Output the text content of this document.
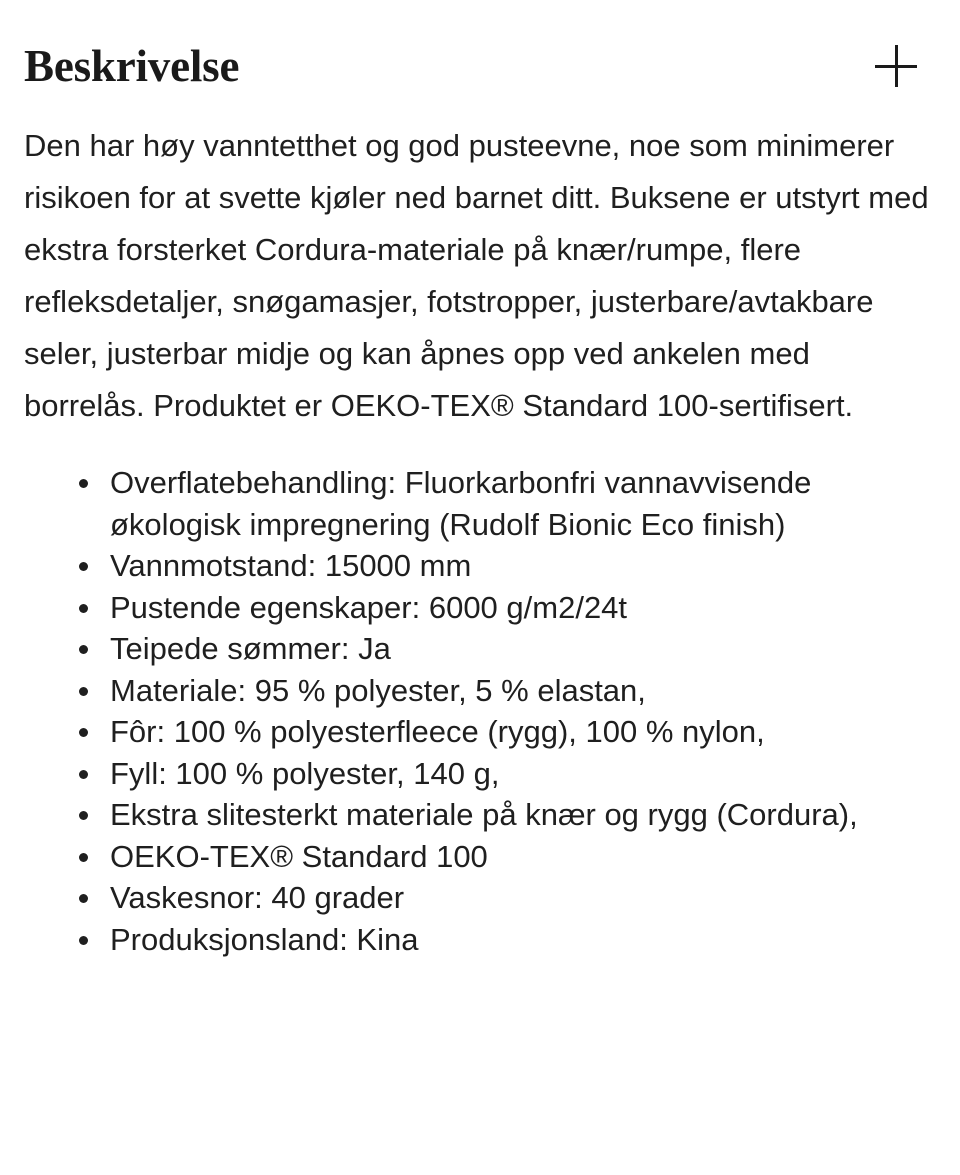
Beskrivelse

Den har høy vanntetthet og god pusteevne, noe som minimerer risikoen for at svette kjøler ned barnet ditt. Buksene er utstyrt med ekstra forsterket Cordura-materiale på knær/rumpe, flere refleksdetaljer, snøgamasjer, fotstropper, justerbare/avtakbare seler, justerbar midje og kan åpnes opp ved ankelen med borrelås. Produktet er OEKO-TEX® Standard 100-sertifisert.

Overflatebehandling: Fluorkarbonfri vannavvisende økologisk impregnering (Rudolf Bionic Eco finish)
Vannmotstand: 15000 mm
Pustende egenskaper: 6000 g/m2/24t
Teipede sømmer: Ja
Materiale: 95 % polyester, 5 % elastan,
Fôr: 100 % polyesterfleece (rygg), 100 % nylon,
Fyll: 100 % polyester, 140 g,
Ekstra slitesterkt materiale på knær og rygg (Cordura),
OEKO-TEX® Standard 100
Vaskesnor: 40 grader
Produksjonsland: Kina
